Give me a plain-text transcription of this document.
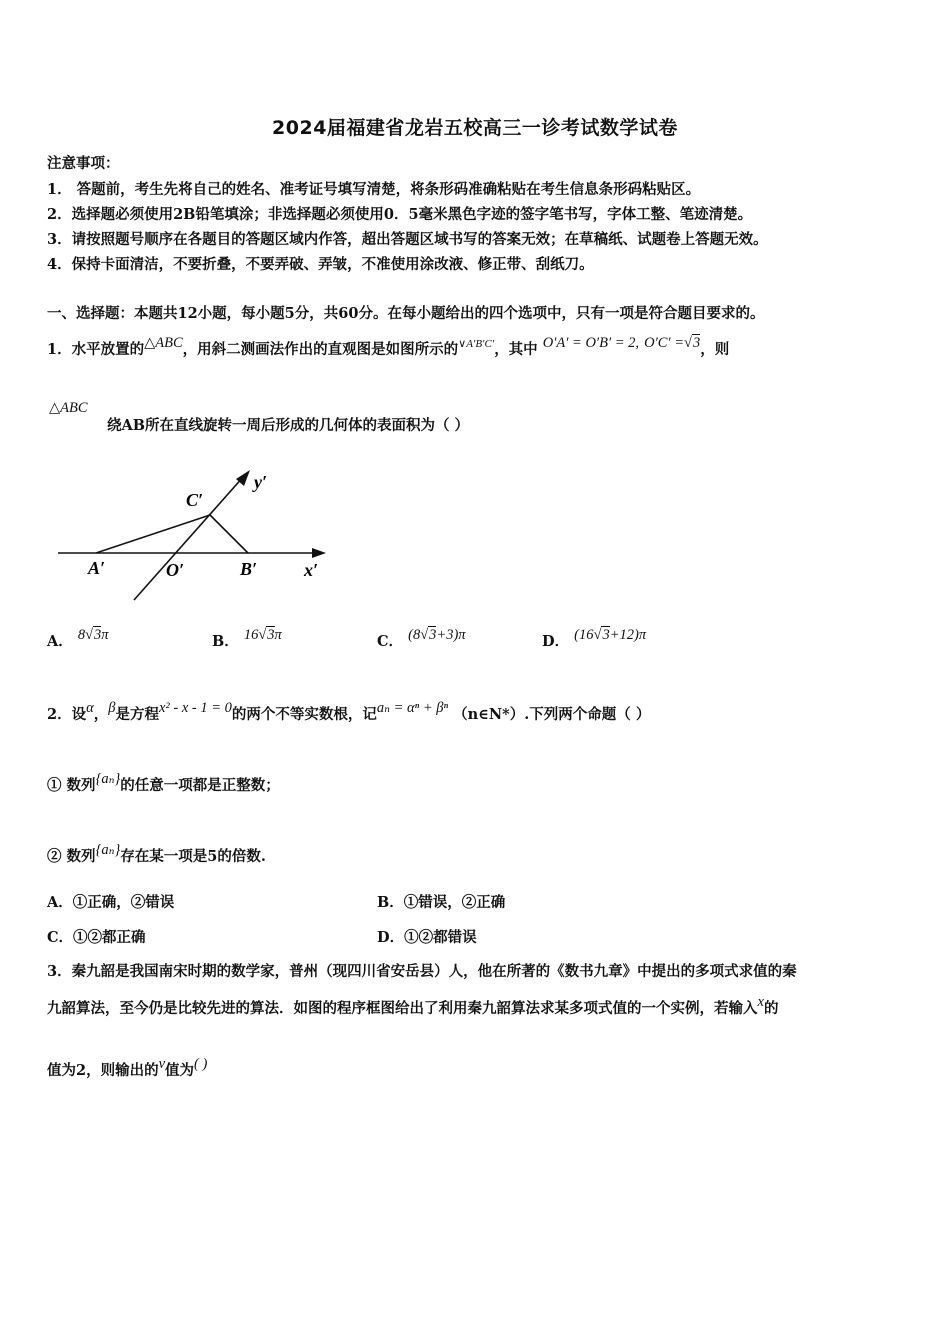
2024届福建省龙岩五校高三一诊考试数学试卷
注意事项：
1． 答题前，考生先将自己的姓名、准考证号填写清楚，将条形码准确粘贴在考生信息条形码粘贴区。
2．选择题必须使用2B铅笔填涂；非选择题必须使用0．5毫米黑色字迹的签字笔书写，字体工整、笔迹清楚。
3．请按照题号顺序在各题目的答题区域内作答，超出答题区域书写的答案无效；在草稿纸、试题卷上答题无效。
4．保持卡面清洁，不要折叠，不要弄破、弄皱，不准使用涂改液、修正带、刮纸刀。
一、选择题：本题共12小题，每小题5分，共60分。在每小题给出的四个选项中，只有一项是符合题目要求的。
1．水平放置的△ABC，用斜二测画法作出的直观图是如图所示的$^{\vee A'B'C'}$，其中 O′A′ = O′B′ = 2, O′C′ =√3，则
△ABC
绕AB所在直线旋转一周后形成的几何体的表面积为（ ）
C′
y′
A′	O′	B′	x′
A． 8√3π	B． 16√3π	C． (8√3+3)π	D． (16√3+12)π
2．设α，β是方程x² - x - 1 = 0的两个不等实数根，记aₙ = αⁿ + βⁿ （n∈N*）.下列两个命题（ ）
① 数列{aₙ}的任意一项都是正整数；
② 数列{aₙ}存在某一项是5的倍数.
A．①正确，②错误	B．①错误，②正确
C．①②都正确	D．①②都错误
3．秦九韶是我国南宋时期的数学家，普州（现四川省安岳县）人，他在所著的《数书九章》中提出的多项式求值的秦
九韶算法，至今仍是比较先进的算法．如图的程序框图给出了利用秦九韶算法求某多项式值的一个实例，若输入x的
值为2，则输出的v值为( )
